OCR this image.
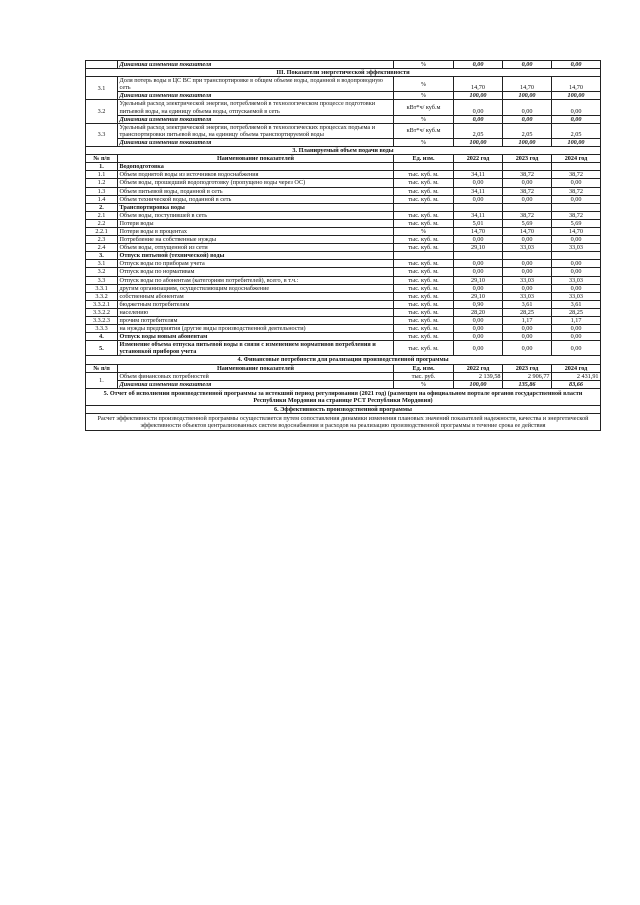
	Динамика изменения показателя	%	0,00	0,00	0,00
III. Показатели энергетической эффективности					
3.1	Доля потерь воды в ЦС ВС при транспортировке в общем объеме воды, поданной в водопроводную сеть	%	14,70	14,70	14,70
	Динамика изменения показателя	%	100,00	100,00	100,00
3.2	Удельный расход электрической энергии, потребляемой в технологическом процессе подготовки питьевой воды, на единицу объема воды, отпускаемой в сеть	кВт*ч/ куб.м	0,00	0,00	0,00
	Динамика изменения показателя	%	0,00	0,00	0,00
3.3	Удельный расход электрической энергии, потребляемой в технологических процессах подъема и транспортировки питьевой воды, на единицу объема транспортируемой воды	кВт*ч/ куб.м	2,05	2,05	2,05
	Динамика изменения показателя	%	100,00	100,00	100,00
3. Планируемый объем подачи воды					
№ п/п	Наименование показателей	Ед. изм.	2022 год	2023 год	2024 год
1.	Водоподготовка				
1.1	Объем поднятой воды из источников водоснабжения	тыс. куб. м.	34,11	38,72	38,72
1.2	Объем воды, прошедший водоподготовку (пропущено воды через ОС)	тыс. куб. м.	0,00	0,00	0,00
1.3	Объем питьевой воды, поданной в сеть	тыс. куб. м.	34,11	38,72	38,72
1.4	Объем технической воды, поданной в сеть	тыс. куб. м.	0,00	0,00	0,00
2.	Транспортировка воды				
2.1	Объем воды, поступившей в сеть	тыс. куб. м.	34,11	38,72	38,72
2.2	Потери воды	тыс. куб. м.	5,01	5,69	5,69
2.2.1	Потери воды в процентах	%	14,70	14,70	14,70
2.3	Потребление на собственные нужды	тыс. куб. м.	0,00	0,00	0,00
2.4	Объем воды, отпущенной из сети	тыс. куб. м.	29,10	33,03	33,03
3.	Отпуск питьевой (технической) воды				
3.1	Отпуск воды по приборам учета	тыс. куб. м.	0,00	0,00	0,00
3.2	Отпуск воды по нормативам	тыс. куб. м.	0,00	0,00	0,00
3.3	Отпуск воды по абонентам (категориям потребителей), всего, в т.ч.:	тыс. куб. м.	29,10	33,03	33,03
3.3.1	другим организациям, осуществляющим водоснабжение	тыс. куб. м.	0,00	0,00	0,00
3.3.2	собственным абонентам	тыс. куб. м.	29,10	33,03	33,03
3.3.2.1	бюджетным потребителям	тыс. куб. м.	0,90	3,61	3,61
3.3.2.2	населению	тыс. куб. м.	28,20	28,25	28,25
3.3.2.3	прочим потребителям	тыс. куб. м.	0,00	1,17	1,17
3.3.3	на нужды предприятия (другие виды производственной деятельности)	тыс. куб. м.	0,00	0,00	0,00
4.	Отпуск воды новым абонентам	тыс. куб. м.	0,00	0,00	0,00
5.	Изменение объема отпуска питьевой воды в связи с изменением нормативов потребления и установкой приборов учета	тыс. куб. м.	0,00	0,00	0,00
4. Финансовые потребности для реализации производственной программы					
№ п/п	Наименование показателей	Ед. изм.	2022 год	2023 год	2024 год
1.	Объем финансовых потребностей	тыс. руб.	2 139,58	2 906,77	2 431,91
	Динамика изменения показателя	%	100,00	135,86	83,66
5. Отчет об исполнении производственной программы за истекший период регулирования (2021 год) (размещен на официальном портале органов государственной власти Республики Мордовия на странице РСТ Республики Мордовия)					
6. Эффективность производственной программы					
Расчет эффективности производственной программы осуществляется путем сопоставления динамики изменения плановых значений показателей надежности, качества и энергетической эффективности объектов централизованных систем водоснабжения и расходов на реализацию производственной программы в течение срока ее действия					
